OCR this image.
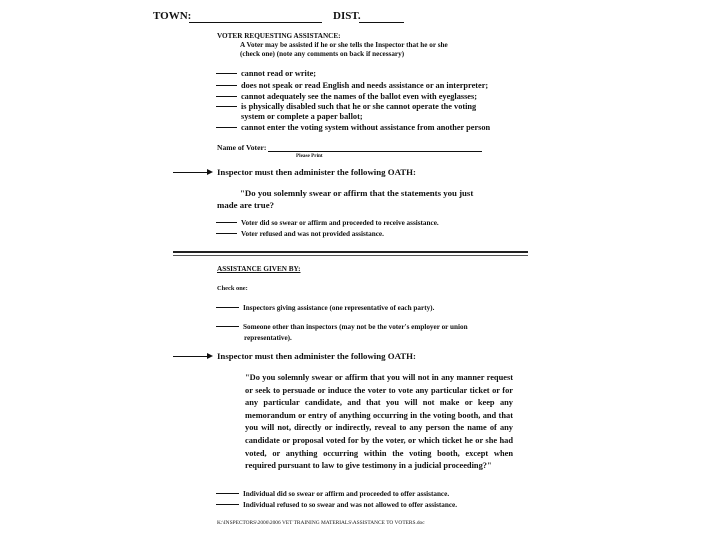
TOWN:	DIST.
VOTER REQUESTING ASSISTANCE:
A Voter may be assisted if he or she tells the Inspector that he or she
(check one) (note any comments on back if necessary)
cannot read or write;
does not speak or read English and needs assistance or an interpreter;
cannot adequately see the names of the ballot even with eyeglasses;
is physically disabled such that he or she cannot operate the voting
system or complete a paper ballot;
cannot enter the voting system without assistance from another person
Name of Voter:
Please Print
Inspector must then administer the following OATH:
"Do you solemnly swear or affirm that the statements you just
made are true?
Voter did so swear or affirm and proceeded to receive assistance.
Voter refused and was not provided assistance.
ASSISTANCE GIVEN BY:
Check one:
Inspectors giving assistance (one representative of each party).
Someone other than inspectors (may not be the voter's employer or union
representative).
Inspector must then administer the following OATH:
"Do you solemnly swear or affirm that you will not in any manner request or seek to persuade or induce the voter to vote any particular ticket or for any particular candidate, and that you will not make or keep any memorandum or entry of anything occurring in the voting booth, and that you will not, directly or indirectly, reveal to any person the name of any candidate or proposal voted for by the voter, or which ticket he or she had voted, or anything occurring within the voting booth, except when required pursuant to law to give testimony in a judicial proceeding?"
Individual did so swear or affirm and proceeded to offer assistance.
Individual refused to so swear and was not allowed to offer assistance.
K:\INSPECTORS\2006\2006 VET TRAINING MATERIALS\ASSISTANCE TO VOTERS.doc
